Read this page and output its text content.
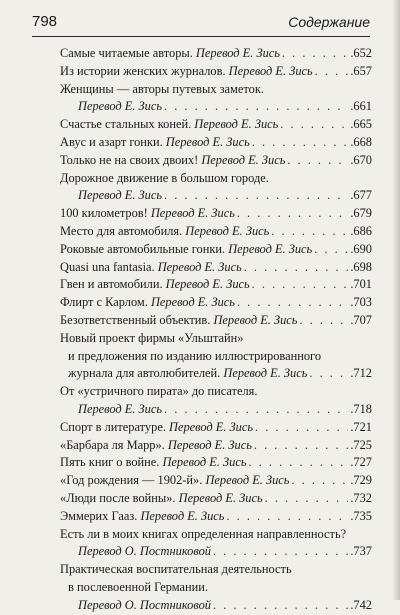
798	Содержание
Самые читаемые авторы. Перевод Е. Зись . . .	.652
Из истории женских журналов. Перевод Е. Зись . . .	.657
Женщины — авторы путевых заметок.
Перевод Е. Зись . . .	.661
Счастье стальных коней. Перевод Е. Зись . . .	.665
Авус и азарт гонки. Перевод Е. Зись . . .	.668
Только не на своих двоих! Перевод Е. Зись . . .	.670
Дорожное движение в большом городе.
Перевод Е. Зись . . .	.677
100 километров! Перевод Е. Зись . . .	.679
Место для автомобиля. Перевод Е. Зись . . .	.686
Роковые автомобильные гонки. Перевод Е. Зись . . .	.690
Quasi una fantasia. Перевод Е. Зись . . .	.698
Гвен и автомобили. Перевод Е. Зись . . .	.701
Флирт с Карлом. Перевод Е. Зись . . .	.703
Безответственный объектив. Перевод Е. Зись . . .	.707
Новый проект фирмы «Ульштайн»
и предложения по изданию иллюстрированного
журнала для автолюбителей. Перевод Е. Зись . . .	.712
От «устричного пирата» до писателя.
Перевод Е. Зись . . .	.718
Спорт в литературе. Перевод Е. Зись . . .	.721
«Барбара ля Марр». Перевод Е. Зись . . .	.725
Пять книг о войне. Перевод Е. Зись . . .	.727
«Год рождения — 1902-й». Перевод Е. Зись . . .	.729
«Люди после войны». Перевод Е. Зись . . .	.732
Эммерих Гааз. Перевод Е. Зись . . .	.735
Есть ли в моих книгах определенная направленность?
Перевод О. Постниковой . . .	.737
Практическая воспитательная деятельность
в послевоенной Германии.
Перевод О. Постниковой . . .	.742
